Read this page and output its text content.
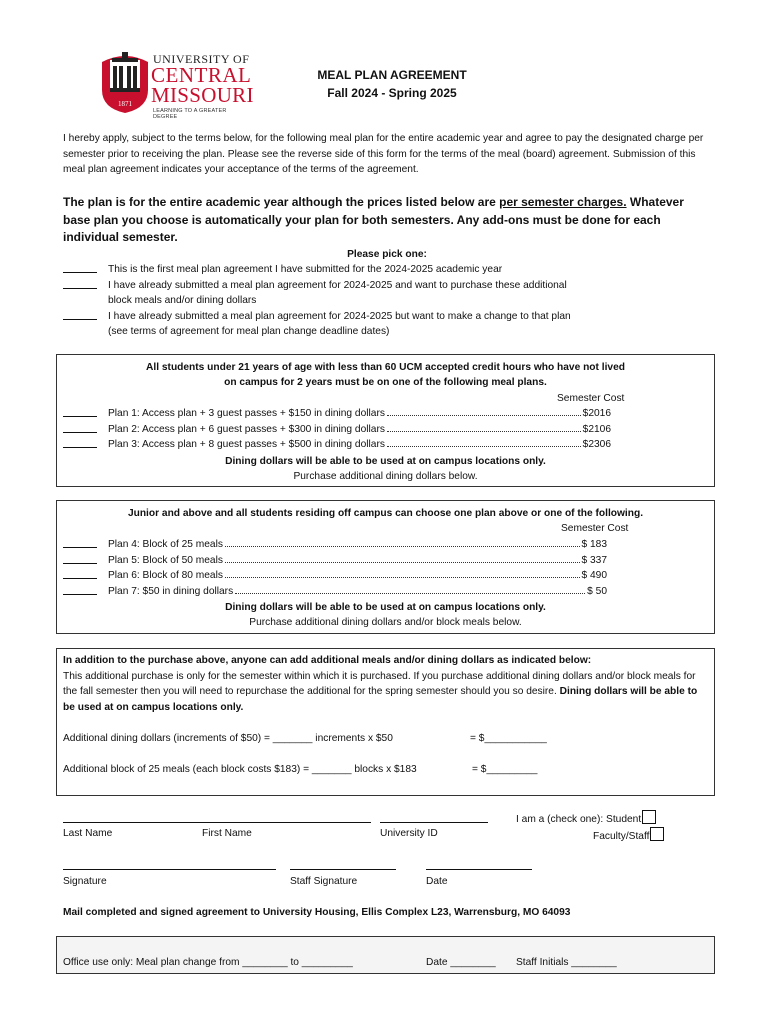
1871
UNIVERSITY OF
CENTRAL
MISSOURI
LEARNING TO A GREATER DEGREE
MEAL PLAN AGREEMENT
Fall 2024 - Spring 2025
I hereby apply, subject to the terms below, for the following meal plan for the entire academic year and agree to pay the designated charge per semester prior to receiving the plan. Please see the reverse side of this form for the terms of the meal (board) agreement. Submission of this meal plan agreement indicates your acceptance of the terms of the agreement.
The plan is for the entire academic year although the prices listed below are per semester charges. Whatever base plan you choose is automatically your plan for both semesters. Any add-ons must be done for each individual semester.
Please pick one:
This is the first meal plan agreement I have submitted for the 2024-2025 academic year
I have already submitted a meal plan agreement for 2024-2025 and want to purchase these additional
block meals and/or dining dollars
I have already submitted a meal plan agreement for 2024-2025 but want to make a change to that plan
(see terms of agreement for meal plan change deadline dates)
All students under 21 years of age with less than 60 UCM accepted credit hours who have not lived
on campus for 2 years must be on one of the following meal plans.
Semester Cost
Plan 1: Access plan + 3 guest passes + $150 in dining dollars	$2016
Plan 2: Access plan + 6 guest passes + $300 in dining dollars	$2106
Plan 3: Access plan + 8 guest passes + $500 in dining dollars	$2306
Dining dollars will be able to be used at on campus locations only.
Purchase additional dining dollars below.
Junior and above and all students residing off campus can choose one plan above or one of the following.
Semester Cost
Plan 4: Block of 25 meals	$ 183
Plan 5: Block of 50 meals	$ 337
Plan 6: Block of 80 meals	$ 490
Plan 7: $50 in dining dollars	$ 50
Dining dollars will be able to be used at on campus locations only.
Purchase additional dining dollars and/or block meals below.
In addition to the purchase above, anyone can add additional meals and/or dining dollars as indicated below:
This additional purchase is only for the semester within which it is purchased. If you purchase additional dining dollars and/or block meals for the fall semester then you will need to repurchase the additional for the spring semester should you so desire. Dining dollars will be able to be used at on campus locations only.
Additional dining dollars (increments of $50) = _______ increments x $50	= $___________
Additional block of 25 meals (each block costs $183) = _______ blocks x $183	= $_________
Last Name	First Name	University ID
I am a (check one): Student
Faculty/Staff
Signature	Staff Signature	Date
Mail completed and signed agreement to University Housing, Ellis Complex L23, Warrensburg, MO 64093
Office use only: Meal plan change from ________ to _________	Date ________ Staff Initials ________
